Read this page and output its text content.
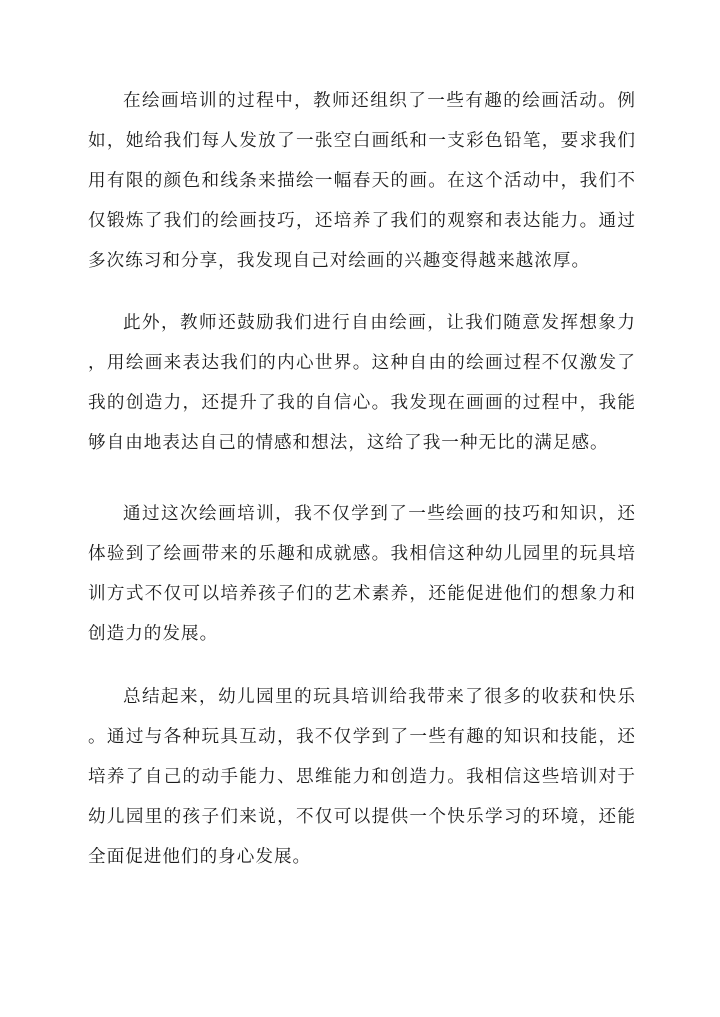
在绘画培训的过程中，教师还组织了一些有趣的绘画活动。例
如，她给我们每人发放了一张空白画纸和一支彩色铅笔，要求我们
用有限的颜色和线条来描绘一幅春天的画。在这个活动中，我们不
仅锻炼了我们的绘画技巧，还培养了我们的观察和表达能力。通过
多次练习和分享，我发现自己对绘画的兴趣变得越来越浓厚。
此外，教师还鼓励我们进行自由绘画，让我们随意发挥想象力
，用绘画来表达我们的内心世界。这种自由的绘画过程不仅激发了
我的创造力，还提升了我的自信心。我发现在画画的过程中，我能
够自由地表达自己的情感和想法，这给了我一种无比的满足感。
通过这次绘画培训，我不仅学到了一些绘画的技巧和知识，还
体验到了绘画带来的乐趣和成就感。我相信这种幼儿园里的玩具培
训方式不仅可以培养孩子们的艺术素养，还能促进他们的想象力和
创造力的发展。
总结起来，幼儿园里的玩具培训给我带来了很多的收获和快乐
。通过与各种玩具互动，我不仅学到了一些有趣的知识和技能，还
培养了自己的动手能力、思维能力和创造力。我相信这些培训对于
幼儿园里的孩子们来说，不仅可以提供一个快乐学习的环境，还能
全面促进他们的身心发展。
